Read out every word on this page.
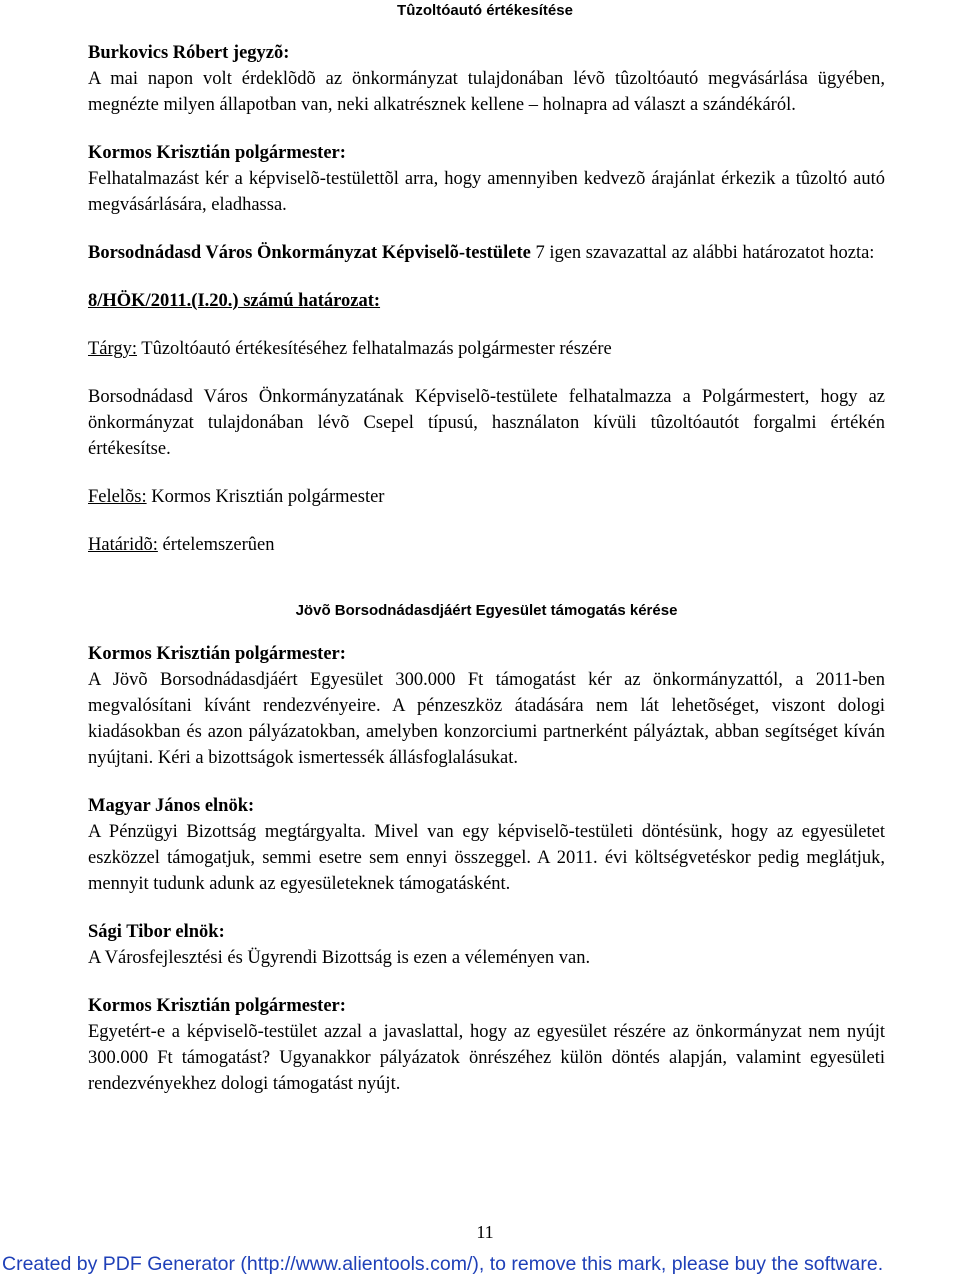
Tûzoltóautó értékesítése

Burkovics Róbert jegyzõ:

A mai napon volt érdeklõdõ az önkormányzat tulajdonában lévõ tûzoltóautó megvásárlása ügyében, megnézte milyen állapotban van, neki alkatrésznek kellene – holnapra ad választ a szándékáról.

Kormos Krisztián polgármester:

Felhatalmazást kér a képviselõ-testülettõl arra, hogy amennyiben kedvezõ árajánlat érkezik a tûzoltó autó megvásárlására, eladhassa.

Borsodnádasd Város Önkormányzat Képviselõ-testülete 7 igen szavazattal az alábbi határozatot hozta:

8/HÖK/2011.(I.20.) számú határozat:

Tárgy: Tûzoltóautó értékesítéséhez felhatalmazás polgármester részére

Borsodnádasd Város Önkormányzatának Képviselõ-testülete felhatalmazza a Polgármestert, hogy az önkormányzat tulajdonában lévõ Csepel típusú, használaton kívüli tûzoltóautót forgalmi értékén értékesítse.

Felelõs: Kormos Krisztián polgármester

Határidõ: értelemszerûen

Jövõ Borsodnádasdjáért Egyesület támogatás kérése

Kormos Krisztián polgármester:

A Jövõ Borsodnádasdjáért Egyesület 300.000 Ft támogatást kér az önkormányzattól, a 2011-ben megvalósítani kívánt rendezvényeire. A pénzeszköz átadására nem lát lehetõséget, viszont dologi kiadásokban és azon pályázatokban, amelyben konzorciumi partnerként pályáztak, abban segítséget kíván nyújtani. Kéri a bizottságok ismertessék állásfoglalásukat.

Magyar János elnök:

A Pénzügyi Bizottság megtárgyalta. Mivel van egy képviselõ-testületi döntésünk, hogy az egyesületet eszközzel támogatjuk, semmi esetre sem ennyi összeggel. A 2011. évi költségvetéskor pedig meglátjuk, mennyit tudunk adunk az egyesületeknek támogatásként.

Sági Tibor elnök:

A Városfejlesztési és Ügyrendi Bizottság is ezen a véleményen van.

Kormos Krisztián polgármester:

Egyetért-e a képviselõ-testület azzal a javaslattal, hogy az egyesület részére az önkormányzat nem nyújt 300.000 Ft támogatást? Ugyanakkor pályázatok önrészéhez külön döntés alapján, valamint egyesületi rendezvényekhez dologi támogatást nyújt.

11
Created by PDF Generator (http://www.alientools.com/), to remove this mark, please buy the software.
